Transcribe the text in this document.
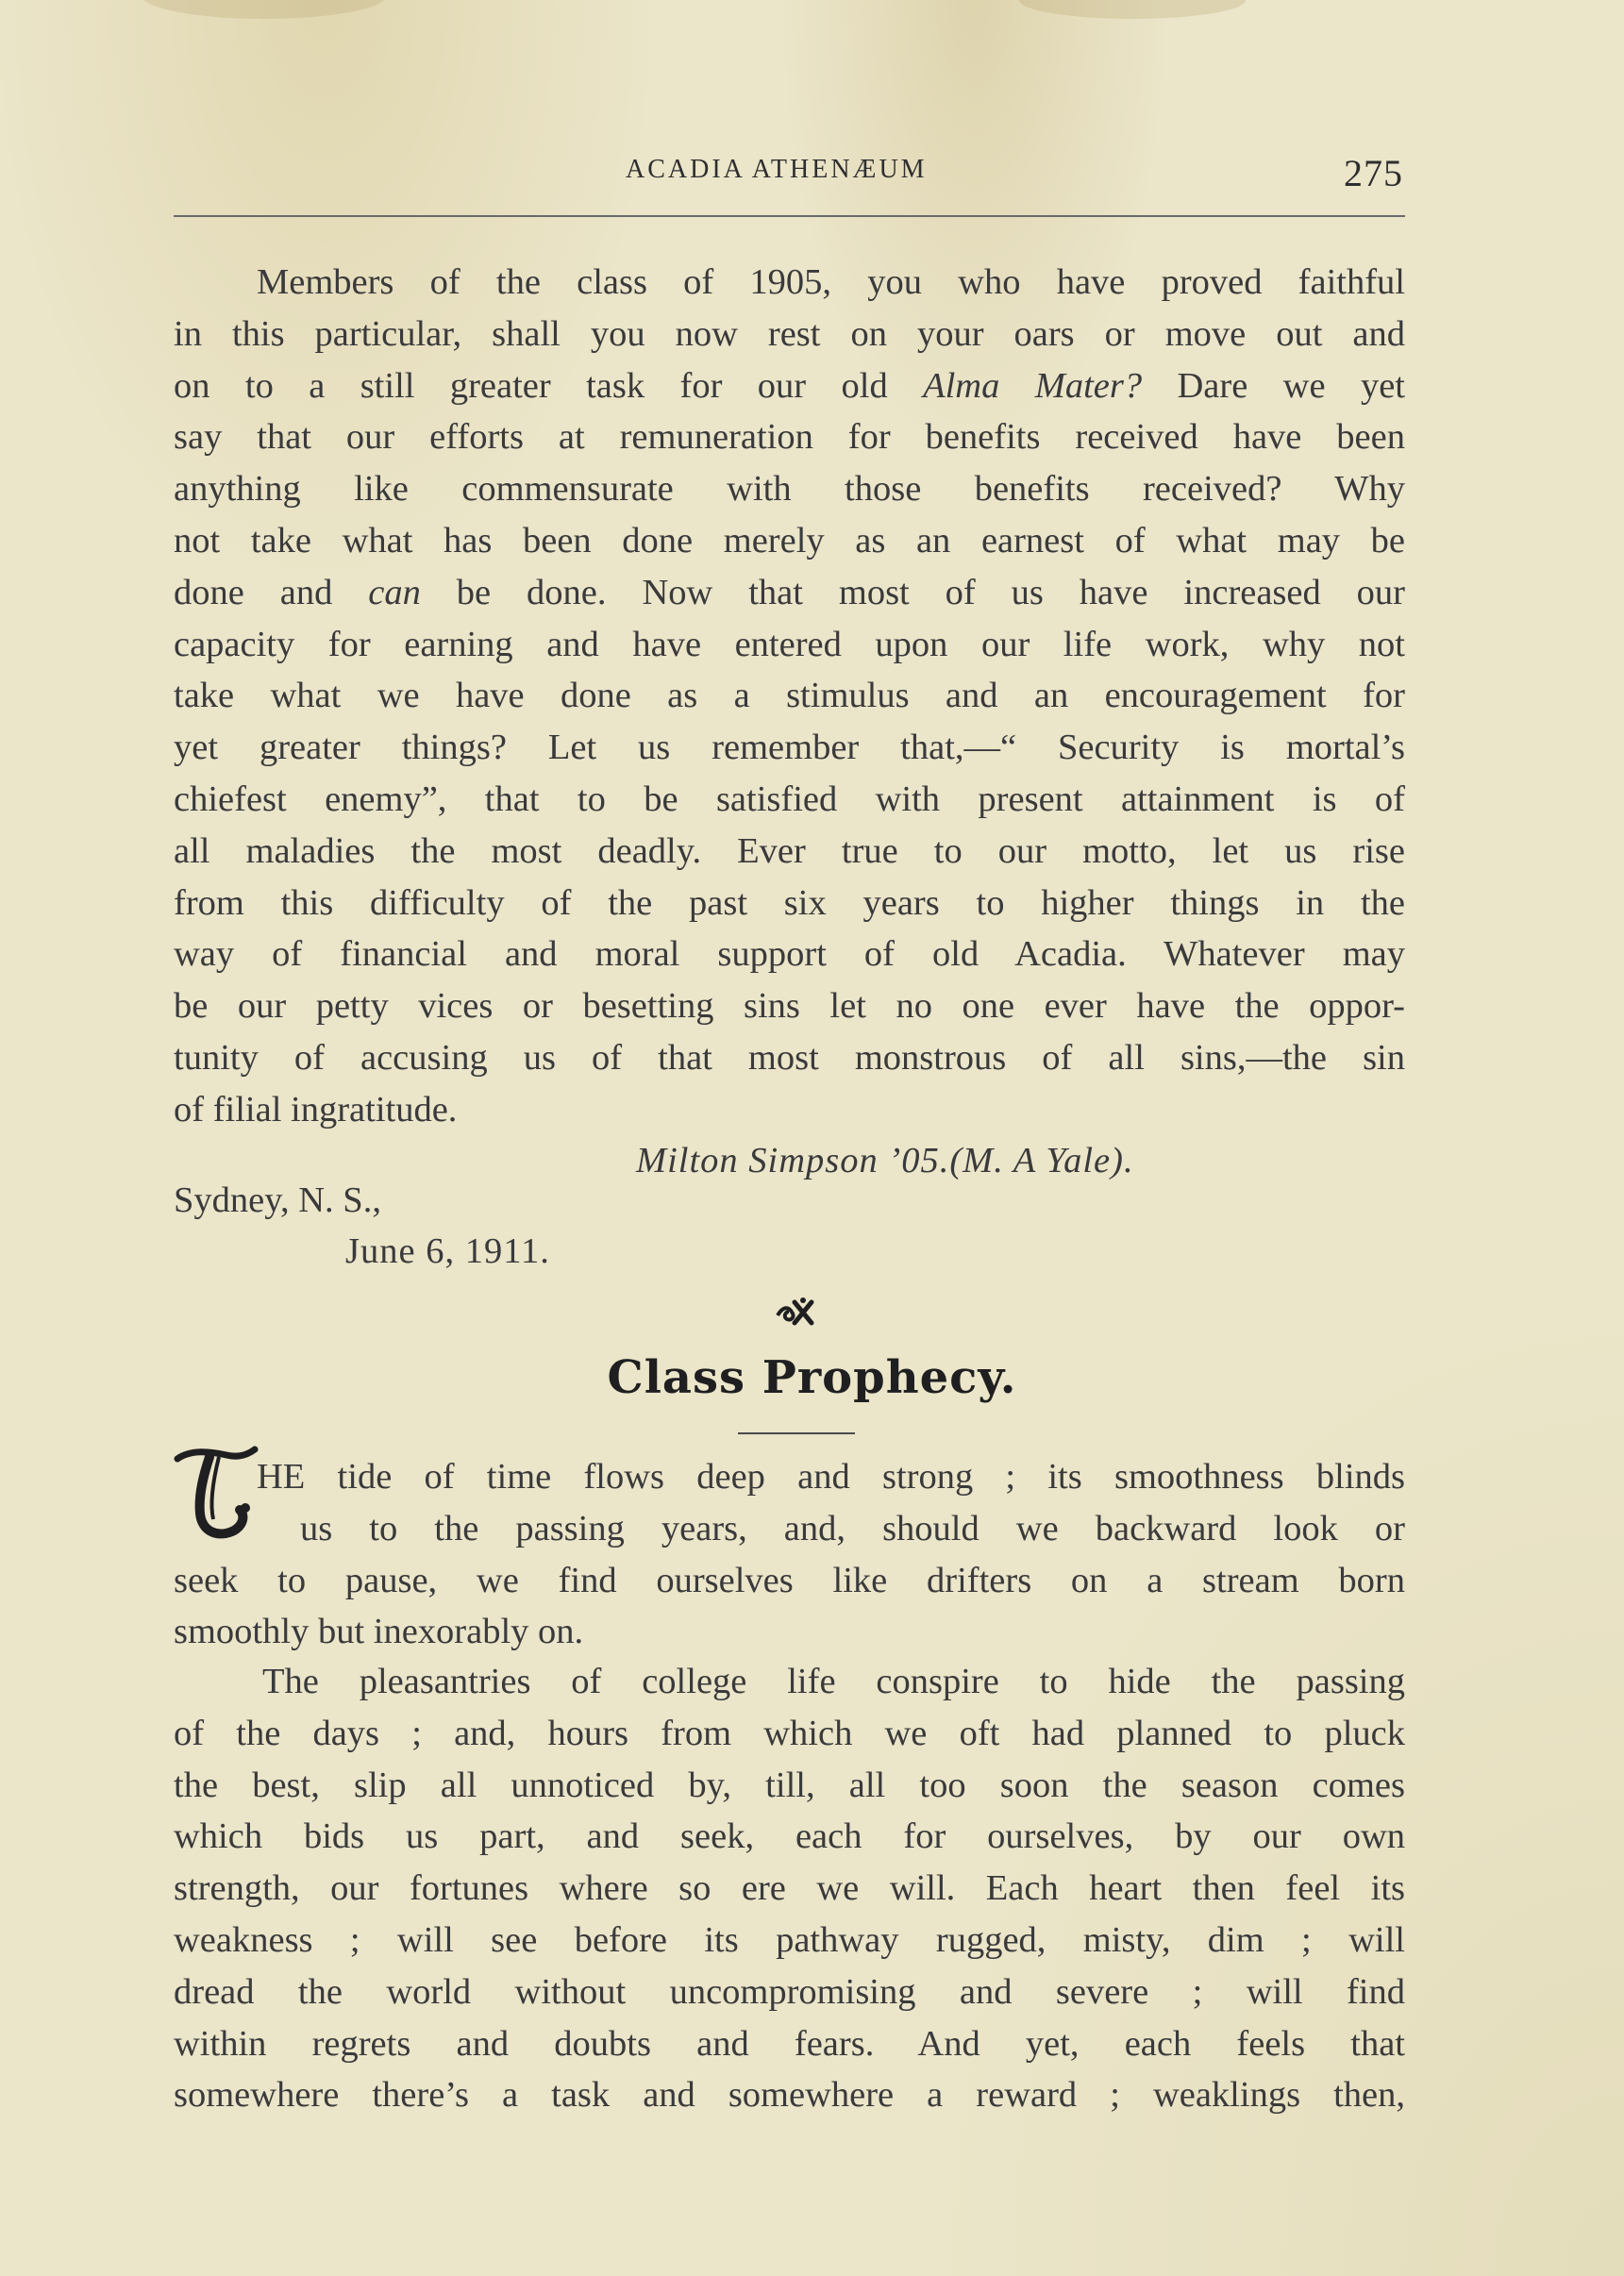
ACADIA ATHENÆUM	275
Members of the class of 1905, you who have proved faithful
in this particular, shall you now rest on your oars or move out and
on to a still greater task for our old Alma Mater? Dare we yet
say that our efforts at remuneration for benefits received have been
anything like commensurate with those benefits received? Why
not take what has been done merely as an earnest of what may be
done and can be done. Now that most of us have increased our
capacity for earning and have entered upon our life work, why not
take what we have done as a stimulus and an encouragement for
yet greater things? Let us remember that,—“ Security is mortal’s
chiefest enemy”, that to be satisfied with present attainment is of
all maladies the most deadly. Ever true to our motto, let us rise
from this difficulty of the past six years to higher things in the
way of financial and moral support of old Acadia. Whatever may
be our petty vices or besetting sins let no one ever have the oppor-
tunity of accusing us of that most monstrous of all sins,—the sin
of filial ingratitude.
Milton Simpson ’05.(M. A Yale).
Sydney, N. S.,
June 6, 1911.
Class Prophecy.
HE tide of time flows deep and strong ; its smoothness blinds
us to the passing years, and, should we backward look or
seek to pause, we find ourselves like drifters on a stream born
smoothly but inexorably on.
The pleasantries of college life conspire to hide the passing
of the days ; and, hours from which we oft had planned to pluck
the best, slip all unnoticed by, till, all too soon the season comes
which bids us part, and seek, each for ourselves, by our own
strength, our fortunes where so ere we will. Each heart then feel its
weakness ; will see before its pathway rugged, misty, dim ; will
dread the world without uncompromising and severe ; will find
within regrets and doubts and fears. And yet, each feels that
somewhere there’s a task and somewhere a reward ; weaklings then,
